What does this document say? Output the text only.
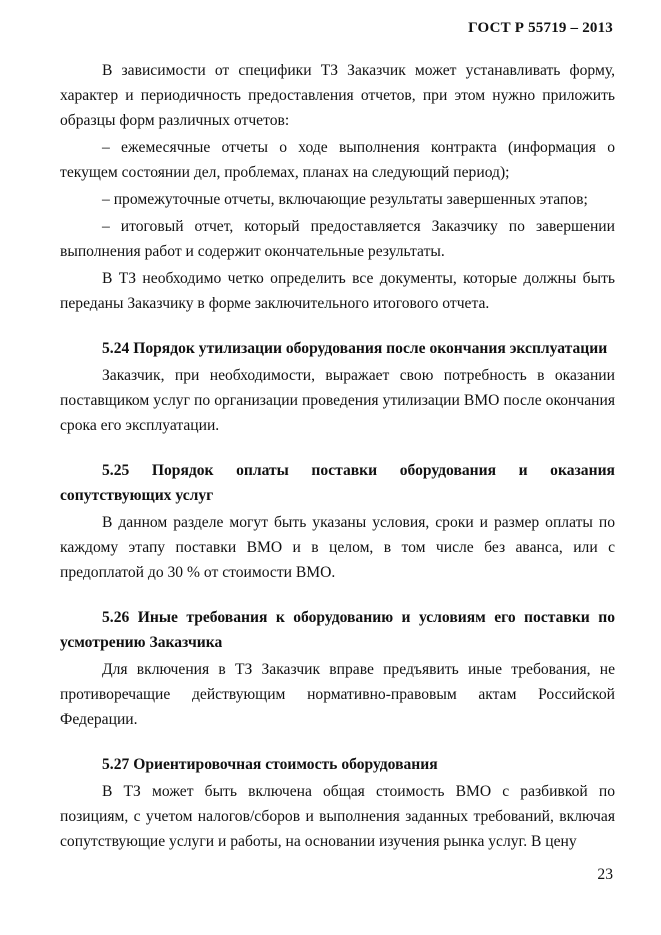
ГОСТ Р 55719 – 2013

В зависимости от специфики ТЗ Заказчик может устанавливать форму, характер и периодичность предоставления отчетов, при этом нужно приложить образцы форм различных отчетов:

– ежемесячные отчеты о ходе выполнения контракта (информация о текущем состоянии дел, проблемах, планах на следующий период);

– промежуточные отчеты, включающие результаты завершенных этапов;

– итоговый отчет, который предоставляется Заказчику по завершении выполнения работ и содержит окончательные результаты.

В ТЗ необходимо четко определить все документы, которые должны быть переданы Заказчику в форме заключительного итогового отчета.

5.24 Порядок утилизации оборудования после окончания эксплуатации

Заказчик, при необходимости, выражает свою потребность в оказании поставщиком услуг по организации проведения утилизации ВМО после окончания срока его эксплуатации.

5.25 Порядок оплаты поставки оборудования и оказания сопутствующих услуг

В данном разделе могут быть указаны условия, сроки и размер оплаты по каждому этапу поставки ВМО и в целом, в том числе без аванса, или с предоплатой до 30 % от стоимости ВМО.

5.26 Иные требования к оборудованию и условиям его поставки по усмотрению Заказчика

Для включения в ТЗ Заказчик вправе предъявить иные требования, не противоречащие действующим нормативно-правовым актам Российской Федерации.

5.27 Ориентировочная стоимость оборудования

В ТЗ может быть включена общая стоимость ВМО с разбивкой по позициям, с учетом налогов/сборов и выполнения заданных требований, включая сопутствующие услуги и работы, на основании изучения рынка услуг. В цену

23
